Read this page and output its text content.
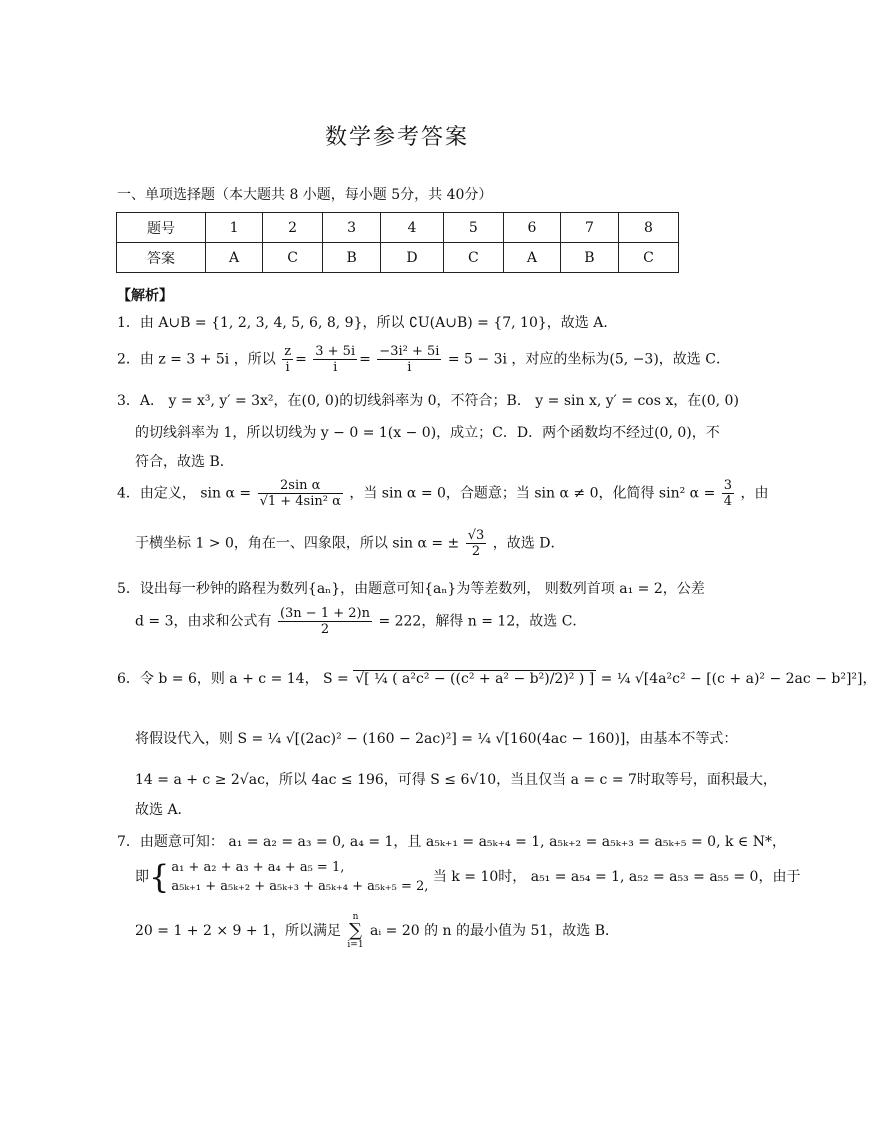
数学参考答案
一、单项选择题（本大题共 8 小题，每小题 5分，共 40分）
题号	1	2	3	4	5	6	7	8
答案	A	C	B	D	C	A	B	C
【解析】
1．由 A∪B = {1, 2, 3, 4, 5, 6, 8, 9}，所以 ∁U(A∪B) = {7, 10}，故选 A．
2．由 z = 3 + 5i ，所以 $\frac{z}{i} = \frac{3 + 5i}{i} = \frac{\text{−3i² + 5i}}{i} = 5 - 3i$ ，对应的坐标为(5, −3)，故选 C．
3．A． y = x³, y′ = 3x²，在(0, 0)的切线斜率为 0，不符合；B． y = sin x, y′ = cos x，在(0, 0)
的切线斜率为 1，所以切线为 y − 0 = 1(x − 0)，成立；C．D．两个函数均不经过(0, 0)，不
符合，故选 B．
4．由定义， $\sin \alpha = \frac{\text{2sin α}}{\text{√1 + 4sin² α}}$ ，当 sin α = 0，合题意；当 sin α ≠ 0，化简得 sin² $\alpha = \frac{3}{4}$ ，由
于横坐标 1 > 0，角在一、四象限，所以 sin α = ± $\frac{√3}{2}$ ，故选 D．
5．设出每一秒钟的路程为数列{aₙ}，由题意可知{aₙ}为等差数列， 则数列首项 a₁ = 2，公差
d = 3，由求和公式有 $\frac{(3n - 1 + 2)n}{2} = 222$，解得 n = 12，故选 C．
6．令 b = 6，则 a + c = 14， S = √[ ¼ ( a²c² − ((c² + a² − b²)/2)² ) ] = ¼ √[4a²c² − [(c + a)² − 2ac − b²]²]，
将假设代入，则 S = ¼ √[(2ac)² − (160 − 2ac)²] = ¼ √[160(4ac − 160)]，由基本不等式：
14 = a + c ≥ 2√ac，所以 4ac ≤ 196，可得 S ≤ 6√10，当且仅当 a = c = 7时取等号，面积最大，
故选 A．
7．由题意可知： a₁ = a₂ = a₃ = 0, a₄ = 1，且 a₅ₖ₊₁ = a₅ₖ₊₄ = 1, a₅ₖ₊₂ = a₅ₖ₊₃ = a₅ₖ₊₅ = 0, k ∈ N*，
即{ a₁ + a₂ + a₃ + a₄ + a₅ = 1,
a₅ₖ₊₁ + a₅ₖ₊₂ + a₅ₖ₊₃ + a₅ₖ₊₄ + a₅ₖ₊₅ = 2,
当 k = 10时， a₅₁ = a₅₄ = 1, a₅₂ = a₅₃ = a₅₅ = 0，由于
20 = 1 + 2 × 9 + 1，所以满足
n
∑
i=1
aᵢ = 20 的 n 的最小值为 51，故选 B．
